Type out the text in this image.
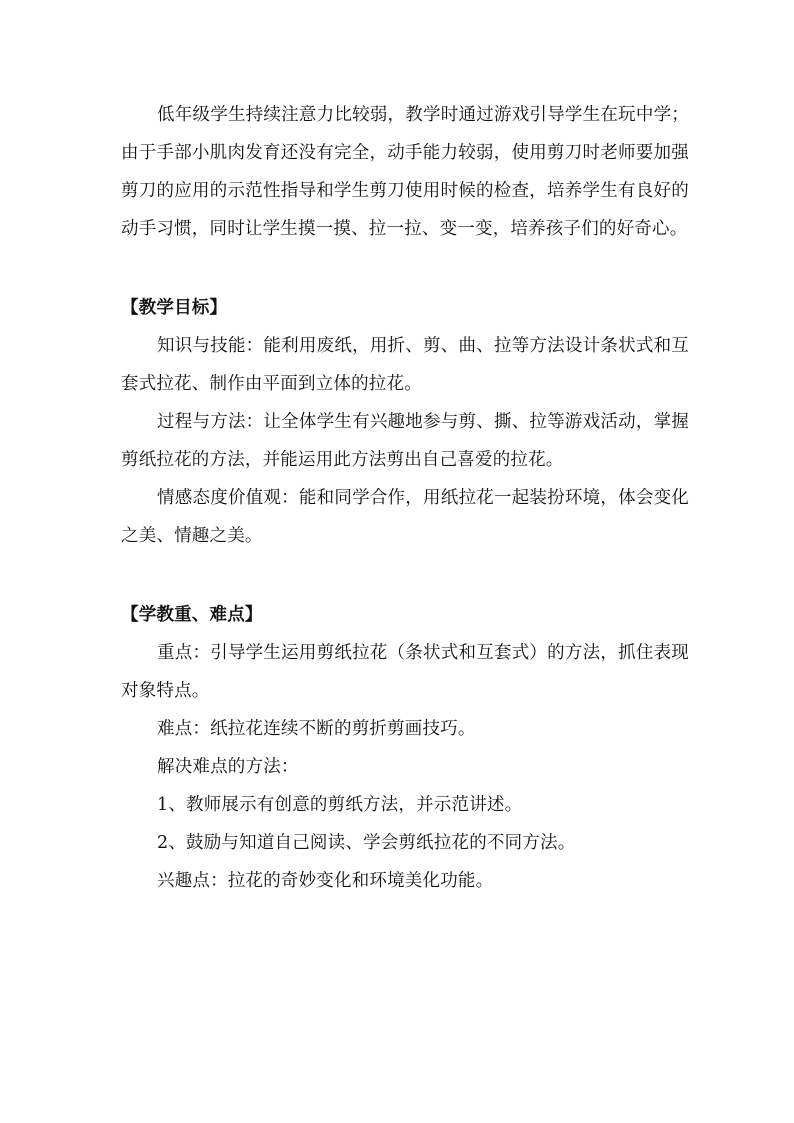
低年级学生持续注意力比较弱，教学时通过游戏引导学生在玩中学；由于手部小肌肉发育还没有完全，动手能力较弱，使用剪刀时老师要加强剪刀的应用的示范性指导和学生剪刀使用时候的检查，培养学生有良好的动手习惯，同时让学生摸一摸、拉一拉、变一变，培养孩子们的好奇心。

【教学目标】

知识与技能：能利用废纸，用折、剪、曲、拉等方法设计条状式和互套式拉花、制作由平面到立体的拉花。

过程与方法：让全体学生有兴趣地参与剪、撕、拉等游戏活动，掌握剪纸拉花的方法，并能运用此方法剪出自己喜爱的拉花。

情感态度价值观：能和同学合作，用纸拉花一起装扮环境，体会变化之美、情趣之美。

【学教重、难点】

重点：引导学生运用剪纸拉花（条状式和互套式）的方法，抓住表现对象特点。

难点：纸拉花连续不断的剪折剪画技巧。

解决难点的方法：

1、教师展示有创意的剪纸方法，并示范讲述。

2、鼓励与知道自己阅读、学会剪纸拉花的不同方法。

兴趣点：拉花的奇妙变化和环境美化功能。
